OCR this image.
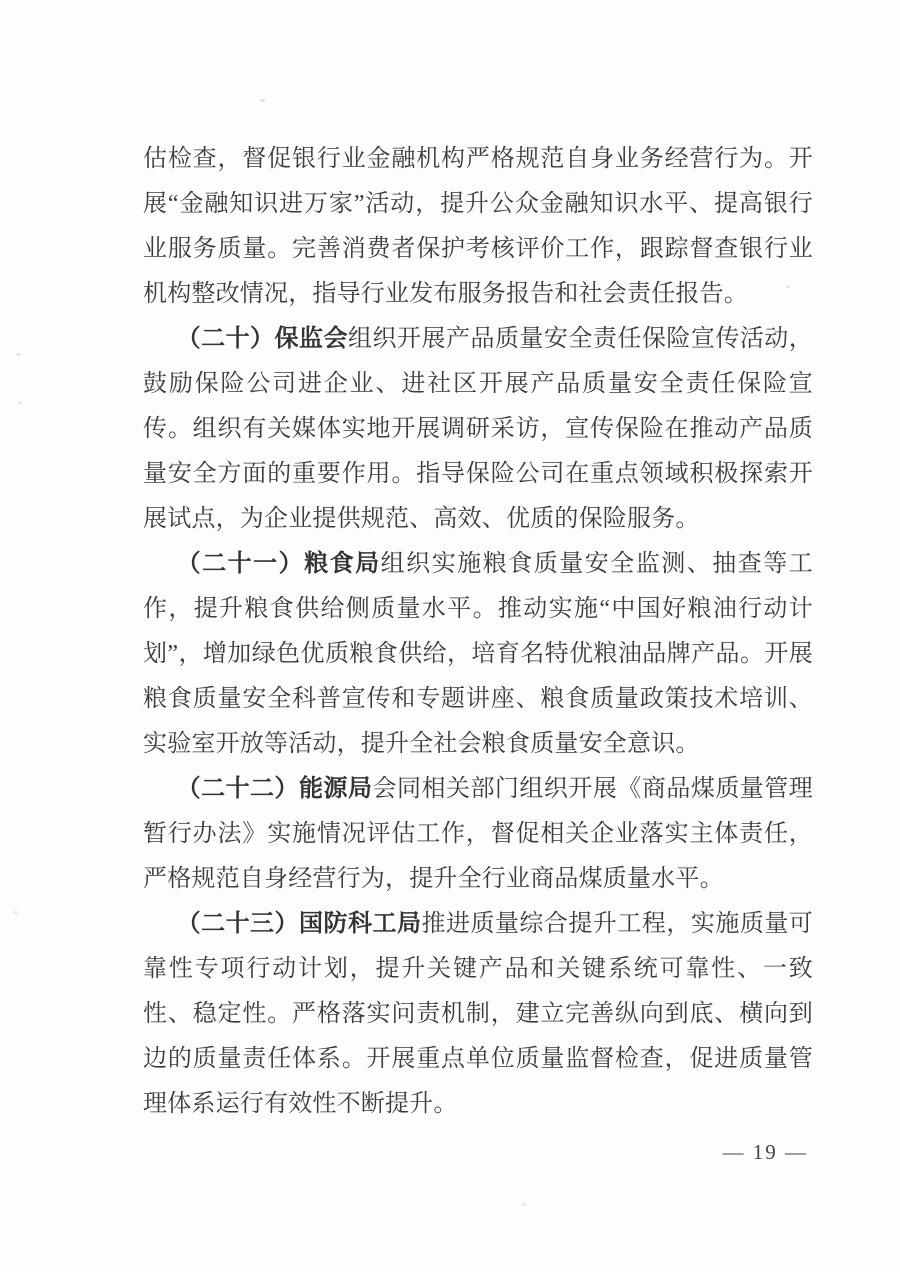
估检查，督促银行业金融机构严格规范自身业务经营行为。开展“金融知识进万家”活动，提升公众金融知识水平、提高银行业服务质量。完善消费者保护考核评价工作，跟踪督查银行业机构整改情况，指导行业发布服务报告和社会责任报告。

（二十）保监会组织开展产品质量安全责任保险宣传活动，鼓励保险公司进企业、进社区开展产品质量安全责任保险宣传。组织有关媒体实地开展调研采访，宣传保险在推动产品质量安全方面的重要作用。指导保险公司在重点领域积极探索开展试点，为企业提供规范、高效、优质的保险服务。

（二十一）粮食局组织实施粮食质量安全监测、抽查等工作，提升粮食供给侧质量水平。推动实施“中国好粮油行动计划”，增加绿色优质粮食供给，培育名特优粮油品牌产品。开展粮食质量安全科普宣传和专题讲座、粮食质量政策技术培训、实验室开放等活动，提升全社会粮食质量安全意识。

（二十二）能源局会同相关部门组织开展《商品煤质量管理暂行办法》实施情况评估工作，督促相关企业落实主体责任，严格规范自身经营行为，提升全行业商品煤质量水平。

（二十三）国防科工局推进质量综合提升工程，实施质量可靠性专项行动计划，提升关键产品和关键系统可靠性、一致性、稳定性。严格落实问责机制，建立完善纵向到底、横向到边的质量责任体系。开展重点单位质量监督检查，促进质量管理体系运行有效性不断提升。

— 19 —
